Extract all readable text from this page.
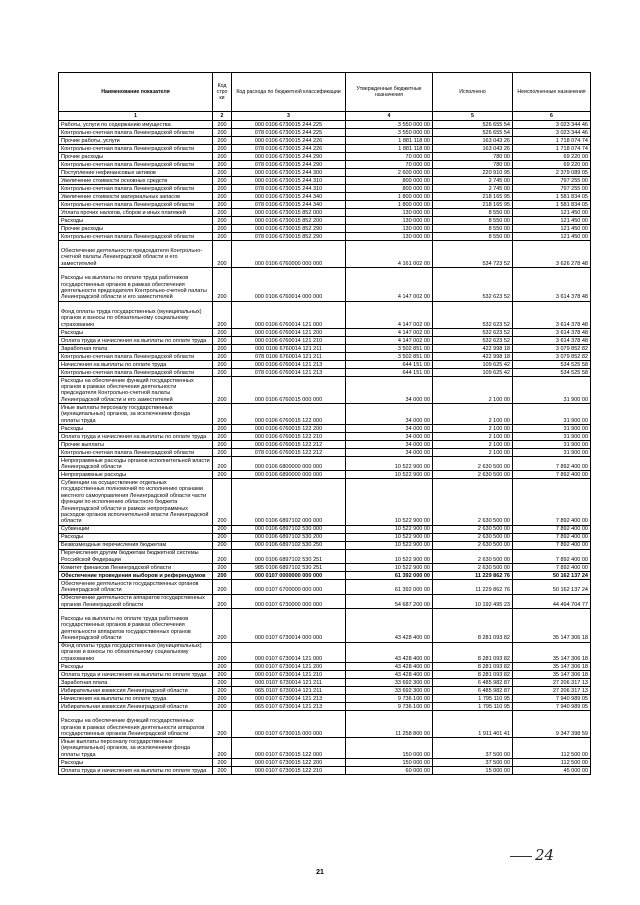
Наименование показателя	Код стро ки	Код расхода по бюджетной классификации	Утвержденные бюджетные назначения	Исполнено	Неисполненные назначения
1	2	3	4	5	6
Работы, услуги по содержанию имущества	200	000 0106 6730015 244 225	3 550 000 00	526 655 54	3 023 344 46
Контрольно-счетная палата Ленинградской области	200	078 0106 6730015 244 225	3 550 000 00	526 655 54	3 023 344 46
Прочие работы, услуги	200	000 0106 6730015 244 226	1 881 118 00	163 043 26	1 718 074 74
Контрольно-счетная палата Ленинградской области	200	078 0106 6730015 244 226	1 881 118 00	163 043 26	1 718 074 74
Прочие расходы	200	000 0106 6730015 244 290	70 000 00	780 00	69 220 00
Контрольно-счетная палата Ленинградской области	200	078 0106 6730015 244 290	70 000 00	780 00	69 220 00
Поступление нефинансовых активов	200	000 0106 6730015 244 300	2 600 000 00	220 910 95	2 379 089 05
Увеличение стоимости основных средств	200	000 0106 6730015 244 310	800 000 00	2 745 00	797 255 00
Контрольно-счетная палата Ленинградской области	200	078 0106 6730015 244 310	800 000 00	2 745 00	797 255 00
Увеличение стоимости материальных запасов	200	000 0106 6730015 244 340	1 800 000 00	218 165 95	1 581 834 05
Контрольно-счетная палата Ленинградской области	200	078 0106 6730015 244 340	1 800 000 00	218 165 95	1 581 834 05
Уплата прочих налогов, сборов и иных платежей	200	000 0106 6730015 852 000	130 000 00	8 550 00	121 450 00
Расходы	200	000 0106 6730015 852 200	130 000 00	8 550 00	121 450 00
Прочие расходы	200	000 0106 6730015 852 290	130 000 00	8 550 00	121 450 00
Контрольно-счетная палата Ленинградской области	200	078 0106 6730015 852 290	130 000 00	8 550 00	121 450 00
Обеспечение деятельности председателя Контрольно-счетной палаты Ленинградской области и его заместителей	200	000 0106 6760000 000 000	4 161 002 00	534 723 52	3 626 278 48
Расходы на выплаты по оплате труда работников государственных органов в рамках обеспечения деятельности председателя Контрольно-счетной палаты Ленинградской области и его заместителей	200	000 0106 6760014 000 000	4 147 002 00	532 623 52	3 614 378 48
Фонд оплаты труда государственных (муниципальных) органов и взносы по обязательному социальному страхованию	200	000 0106 6760014 121 000	4 147 002 00	532 623 52	3 614 378 48
Расходы	200	000 0106 6760014 121 200	4 147 002 00	532 623 52	3 614 378 48
Оплата труда и начисления на выплаты по оплате труда	200	000 0106 6760014 121 210	4 147 002 00	532 623 52	3 614 378 48
Заработная плата	200	000 0106 6760014 121 211	3 502 851 00	422 998 18	3 079 852 82
Контрольно-счетная палата Ленинградской области	200	078 0106 6760014 121 211	3 502 851 00	422 998 18	3 079 852 82
Начисления на выплаты по оплате труда	200	000 0106 6760014 121 213	644 151 00	109 625 42	534 525 58
Контрольно-счетная палата Ленинградской области	200	078 0106 6760014 121 213	644 151 00	109 625 42	534 525 58
Расходы на обеспечение функций государственных органов в рамках обеспечения деятельности председателя Контрольно-счетной палаты Ленинградской области и его заместителей	200	000 0106 6760015 000 000	34 000 00	2 100 00	31 900 00
Иные выплаты персоналу государственных (муниципальных) органов, за исключением фонда оплаты труда	200	000 0106 6760015 122 000	34 000 00	2 100 00	31 900 00
Расходы	200	000 0106 6760015 122 200	34 000 00	2 100 00	31 900 00
Оплата труда и начисления на выплаты по оплате труда	200	000 0106 6760015 122 210	34 000 00	2 100 00	31 900 00
Прочие выплаты	200	000 0106 6760015 122 212	34 000 00	2 100 00	31 900 00
Контрольно-счетная палата Ленинградской области	200	078 0106 6760015 122 212	34 000 00	2 100 00	31 900 00
Непрограммные расходы органов исполнительной власти Ленинградской области	200	000 0106 6800000 000 000	10 522 900 00	2 630 500 00	7 892 400 00
Непрограммные расходы	200	000 0106 6890000 000 000	10 522 900 00	2 630 500 00	7 892 400 00
Субвенции на осуществление отдельных государственных полномочий по исполнению органами местного самоуправления Ленинградской области части функции по исполнению областного бюджета Ленинградской области в рамках непрограммных расходов органов исполнительной власти Ленинградской области	200	000 0106 6897102 000 000	10 522 900 00	2 630 500 00	7 892 400 00
Субвенции	200	000 0106 6897102 530 000	10 522 900 00	2 630 500 00	7 892 400 00
Расходы	200	000 0106 6897102 530 200	10 522 900 00	2 630 500 00	7 892 400 00
Безвозмездные перечисления бюджетам	200	000 0106 6897102 530 250	10 522 900 00	2 630 500 00	7 892 400 00
Перечисления другим бюджетам бюджетной системы Российской Федерации	200	000 0106 6897102 530 251	10 522 900 00	2 630 500 00	7 892 400 00
Комитет финансов Ленинградской области	200	985 0106 6897102 530 251	10 522 900 00	2 630 500 00	7 892 400 00
Обеспечение проведения выборов и референдумов	200	000 0107 0000000 000 000	61 392 000 00	11 229 862 76	50 162 137 24
Обеспечение деятельности государственных органов Ленинградской области	200	000 0107 6700000 000 000	61 392 000 00	11 229 862 76	50 162 137 24
Обеспечение деятельности аппаратов государственных органов Ленинградской области	200	000 0107 6730000 000 000	54 687 200 00	10 192 495 23	44 494 704 77
Расходы на выплаты по оплате труда работников государственных органов в рамках обеспечения деятельности аппаратов государственных органов Ленинградской области	200	000 0107 6730014 000 000	43 428 400 00	8 281 093 82	35 147 306 18
Фонд оплаты труда государственных (муниципальных) органов и взносы по обязательному социальному страхованию	200	000 0107 6730014 121 000	43 428 400 00	8 281 093 82	35 147 306 18
Расходы	200	000 0107 6730014 121 200	43 428 400 00	8 281 093 82	35 147 306 18
Оплата труда и начисления на выплаты по оплате труда	200	000 0107 6730014 121 210	43 428 400 00	8 281 093 82	35 147 306 18
Заработная плата	200	000 0107 6730014 121 211	33 692 300 00	6 485 982 87	27 206 317 13
Избирательная комиссия Ленинградской области	200	065 0107 6730014 121 211	33 692 300 00	6 485 982 87	27 206 317 13
Начисления на выплаты по оплате труда	200	000 0107 6730014 121 213	9 736 100 00	1 795 110 95	7 940 989 05
Избирательная комиссия Ленинградской области	200	065 0107 6730014 121 213	9 736 100 00	1 795 110 95	7 940 989 05
Расходы на обеспечение функций государственных органов в рамках обеспечения деятельности аппаратов государственных органов Ленинградской области	200	000 0107 6730015 000 000	11 258 800 00	1 911 401 41	9 347 398 59
Иные выплаты персоналу государственных (муниципальных) органов, за исключением фонда оплаты труда	200	000 0107 6730015 122 000	150 000 00	37 500 00	112 500 00
Расходы	200	000 0107 6730015 122 200	150 000 00	37 500 00	112 500 00
Оплата труда и начисления на выплаты по оплате труда	200	000 0107 6730015 122 210	60 000 00	15 000 00	45 000 00
21
24
